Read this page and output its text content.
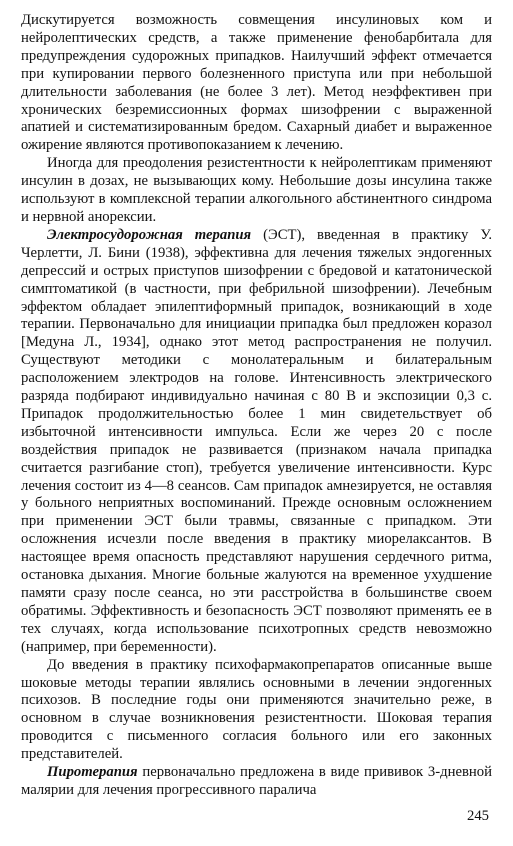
Дискутируется возможность совмещения инсулиновых ком и нейролептических средств, а также применение фенобарбитала для предупреждения судорожных припадков. Наилучший эффект отмечается при купировании первого болезненного приступа или при небольшой длительности заболевания (не более 3 лет). Метод неэффективен при хронических безремиссионных формах шизофрении с выраженной апатией и систематизированным бредом. Сахарный диабет и выраженное ожирение являются противопоказанием к лечению.

Иногда для преодоления резистентности к нейролептикам применяют инсулин в дозах, не вызывающих кому. Небольшие дозы инсулина также используют в комплексной терапии алкогольного абстинентного синдрома и нервной анорексии.

Электросудорожная терапия (ЭСТ), введенная в практику У. Черлетти, Л. Бини (1938), эффективна для лечения тяжелых эндогенных депрессий и острых приступов шизофрении с бредовой и кататонической симптоматикой (в частности, при фебрильной шизофрении). Лечебным эффектом обладает эпилептиформный припадок, возникающий в ходе терапии. Первоначально для инициации припадка был предложен коразол [Медуна Л., 1934], однако этот метод распространения не получил. Существуют методики с монолатеральным и билатеральным расположением электродов на голове. Интенсивность электрического разряда подбирают индивидуально начиная с 80 В и экспозиции 0,3 с. Припадок продолжительностью более 1 мин свидетельствует об избыточной интенсивности импульса. Если же через 20 с после воздействия припадок не развивается (признаком начала припадка считается разгибание стоп), требуется увеличение интенсивности. Курс лечения состоит из 4—8 сеансов. Сам припадок амнезируется, не оставляя у больного неприятных воспоминаний. Прежде основным осложнением при применении ЭСТ были травмы, связанные с припадком. Эти осложнения исчезли после введения в практику миорелаксантов. В настоящее время опасность представляют нарушения сердечного ритма, остановка дыхания. Многие больные жалуются на временное ухудшение памяти сразу после сеанса, но эти расстройства в большинстве своем обратимы. Эффективность и безопасность ЭСТ позволяют применять ее в тех случаях, когда использование психотропных средств невозможно (например, при беременности).

До введения в практику психофармакопрепаратов описанные выше шоковые методы терапии являлись основными в лечении эндогенных психозов. В последние годы они применяются значительно реже, в основном в случае возникновения резистентности. Шоковая терапия проводится с письменного согласия больного или его законных представителей.

Пиротерапия первоначально предложена в виде прививок 3-дневной малярии для лечения прогрессивного паралича

245
